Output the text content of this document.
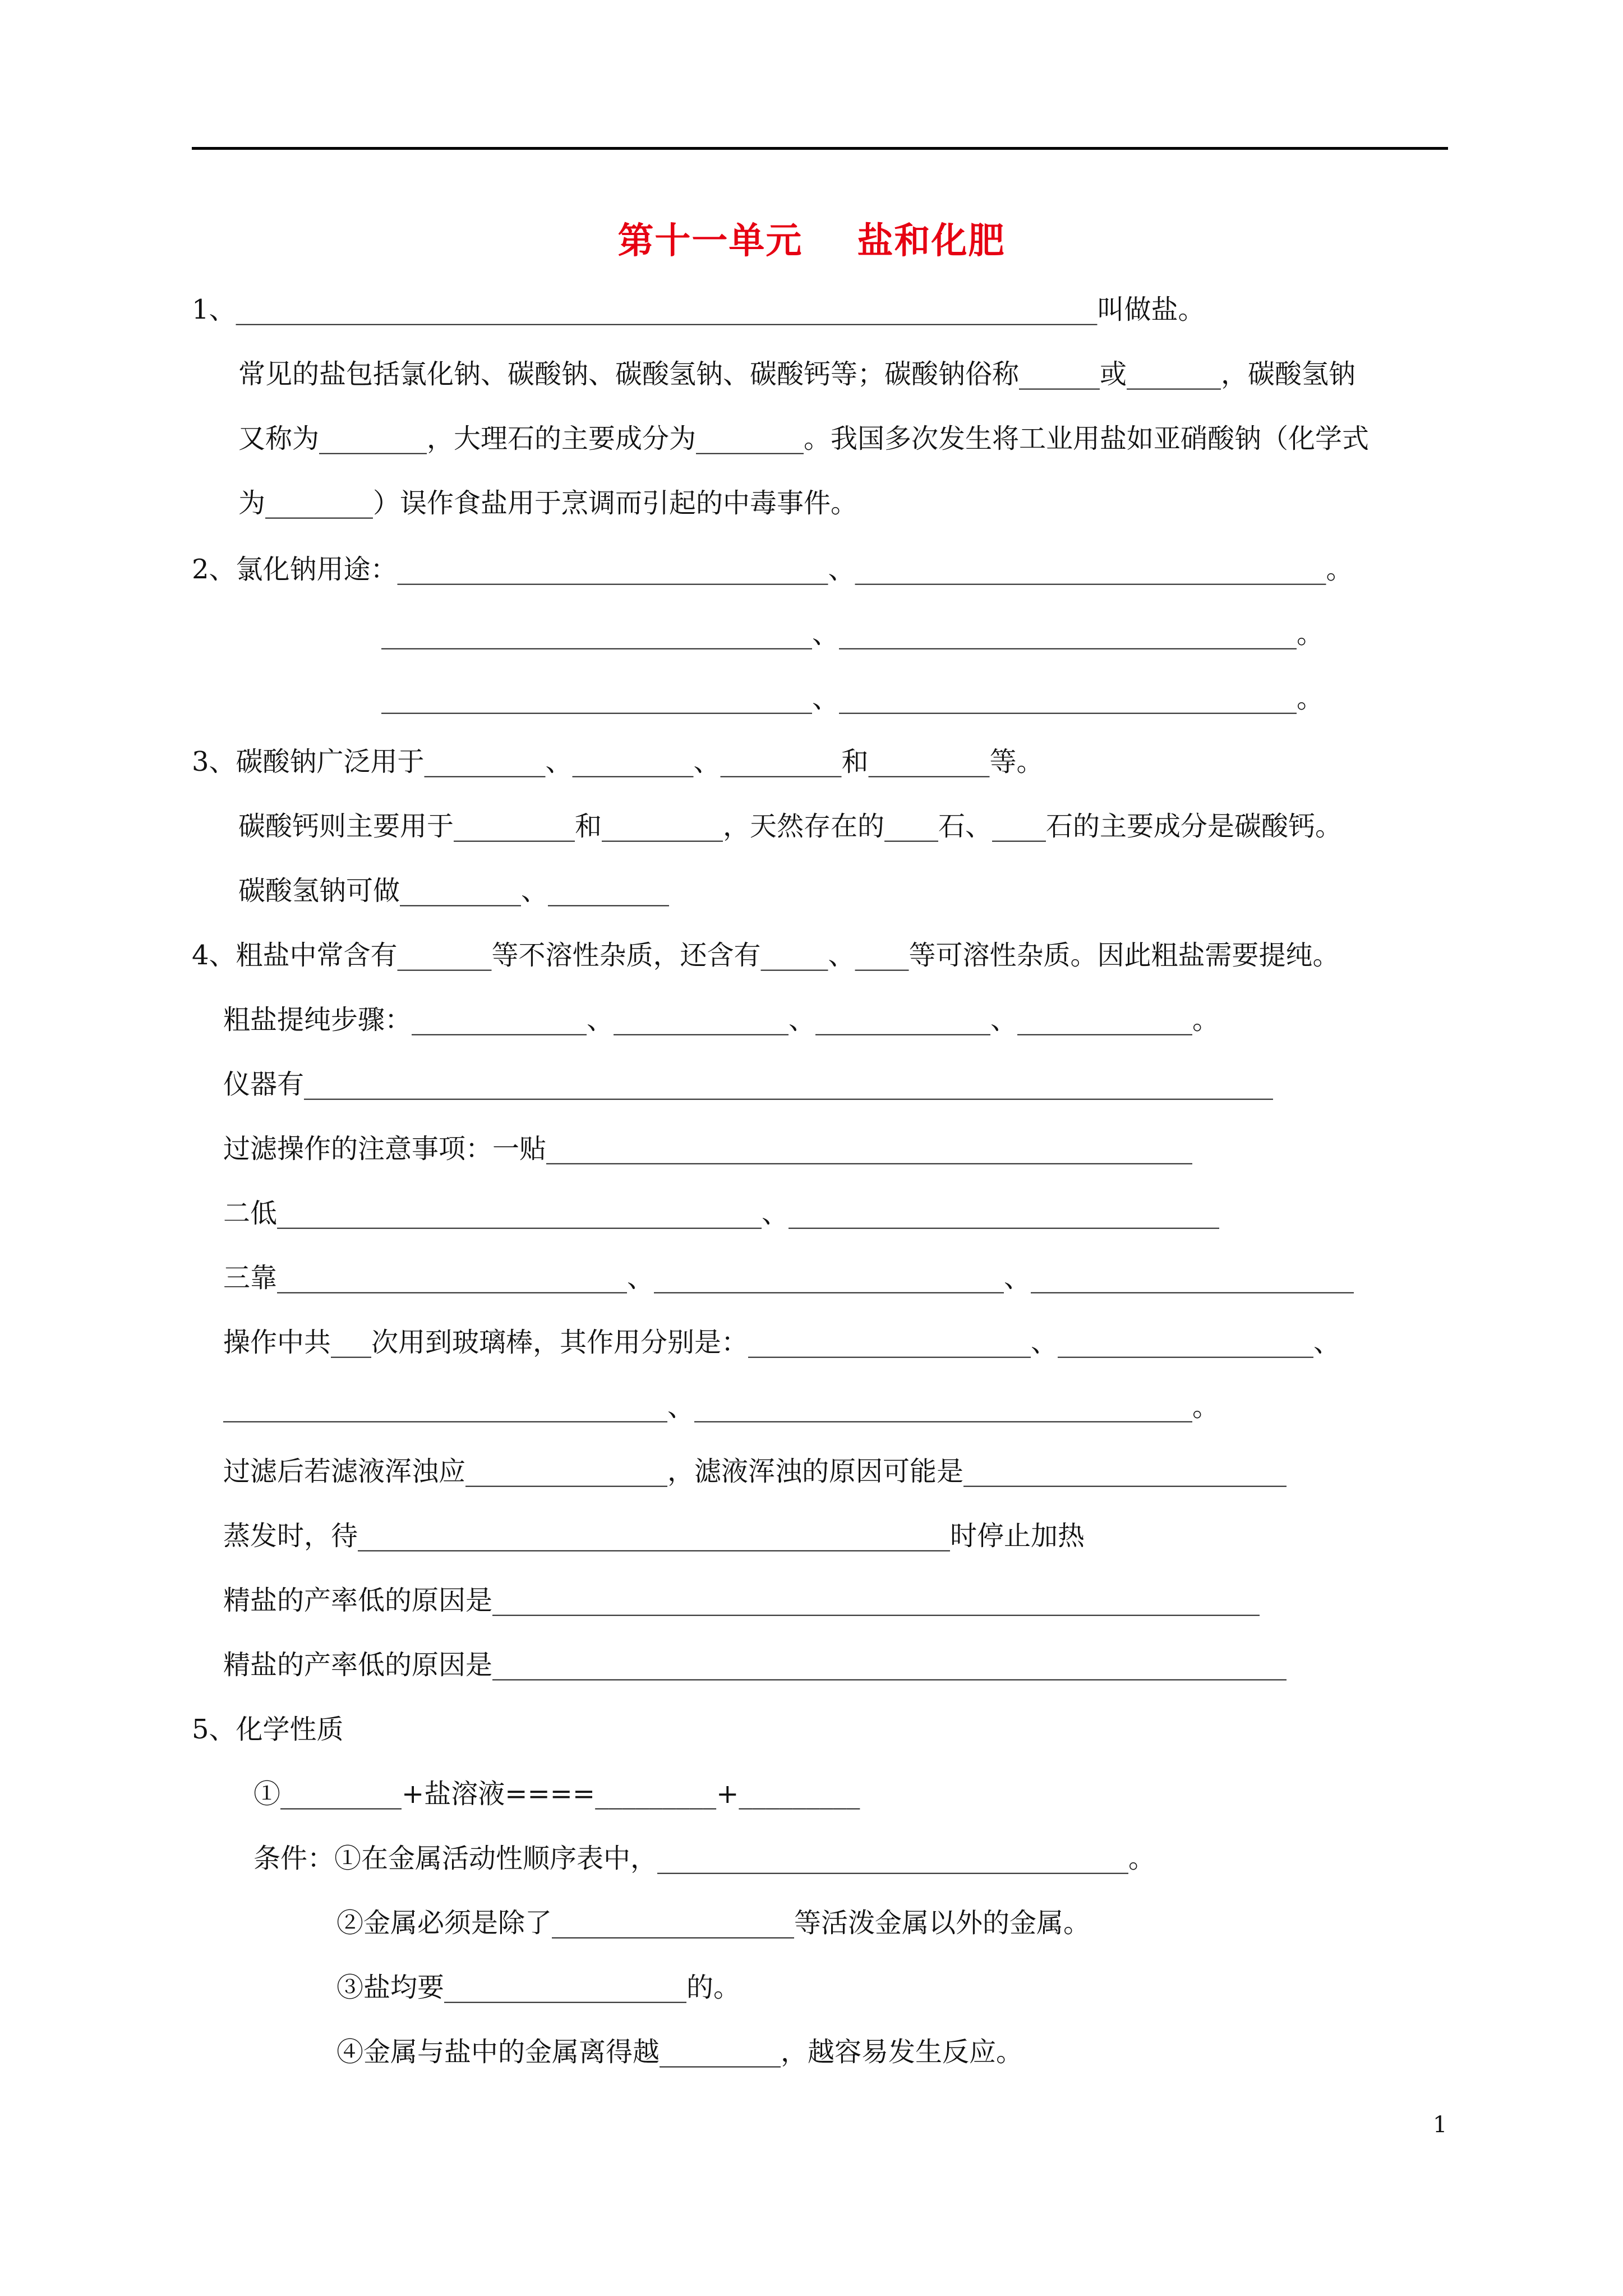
第十一单元    盐和化肥
1、________________________________________________________________叫做盐。
常见的盐包括氯化钠、碳酸钠、碳酸氢钠、碳酸钙等；碳酸钠俗称______或_______，碳酸氢钠
又称为________，大理石的主要成分为________。我国多次发生将工业用盐如亚硝酸钠（化学式
为________）误作食盐用于烹调而引起的中毒事件。
2、氯化钠用途：________________________________、___________________________________。
________________________________、__________________________________。
________________________________、__________________________________。
3、碳酸钠广泛用于_________、_________、_________和_________等。
碳酸钙则主要用于_________和_________，天然存在的____石、____石的主要成分是碳酸钙。
碳酸氢钠可做_________、_________
4、粗盐中常含有_______等不溶性杂质，还含有_____、____等可溶性杂质。因此粗盐需要提纯。
粗盐提纯步骤：_____________、_____________、_____________、_____________。
仪器有________________________________________________________________________
过滤操作的注意事项：一贴________________________________________________
二低____________________________________、________________________________
三靠__________________________、__________________________、________________________
操作中共___次用到玻璃棒，其作用分别是：_____________________、___________________、
_________________________________、_____________________________________。
过滤后若滤液浑浊应_______________，滤液浑浊的原因可能是________________________
蒸发时，待____________________________________________时停止加热
精盐的产率低的原因是_________________________________________________________
精盐的产率低的原因是___________________________________________________________
5、化学性质
①_________+盐溶液====_________+_________
条件：①在金属活动性顺序表中，___________________________________。
②金属必须是除了__________________等活泼金属以外的金属。
③盐均要__________________的。
④金属与盐中的金属离得越_________，越容易发生反应。
1
